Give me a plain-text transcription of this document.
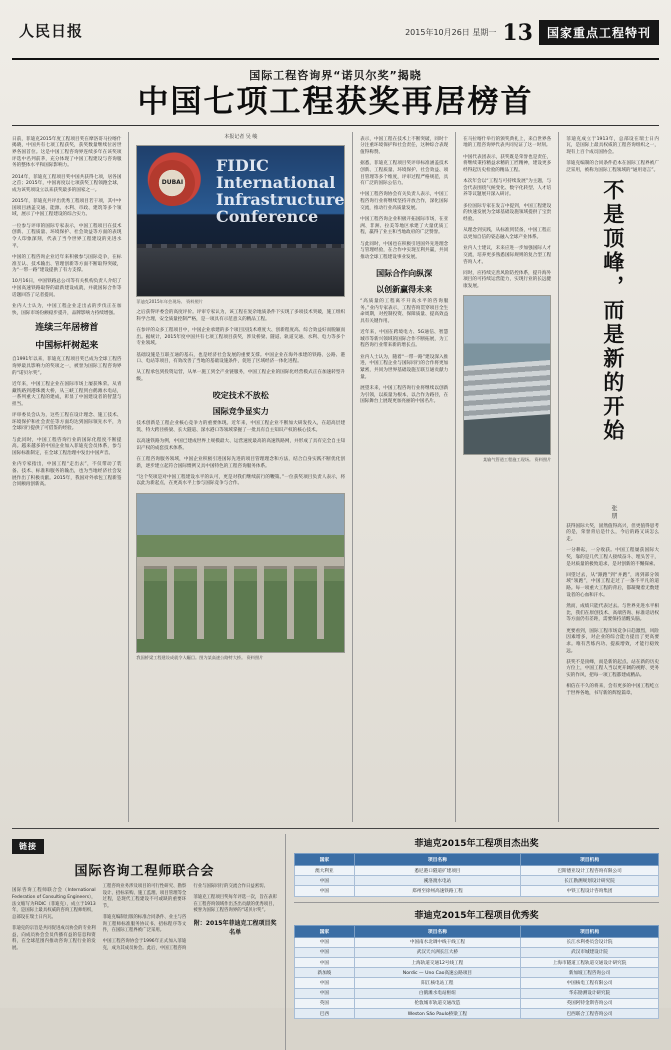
人民日报	2015年10月26日 星期一 13	国家重点工程特刊
国际工程咨询界“诺贝尔奖”揭晓
中国七项工程获奖再居榜首

日前，菲迪克2015年度工程项目奖在摩洛哥马拉喀什揭晓，中国共有七项工程获奖，获奖数量继续位居世界各国首位。这是中国工程咨询界连续多年在该奖项评选中名列前茅，充分体现了中国工程建设与咨询服务的整体水平和国际影响力。

2014年，菲迪克工程项目奖中国共获得七项，居各国之首；2015年，中国再度以七项获奖工程领跑全球，成为该奖项设立以来获奖最多的国家之一。

2015年，菲迪克共评出优秀工程项目若干项，其中中国项目涵盖交通、能源、水利、市政、建筑等多个领域，展示了中国工程建设的综合实力。

一位参与评审的国际专家表示，中国工程项目在技术创新、工程质量、环境保护、社会效益等方面的表现令人印象深刻，代表了当今世界工程建设的先进水平。

中国的工程咨询企业近年来积极参与国际竞争，在标准互认、技术输出、管理创新等方面不断取得突破，为“一带一路”建设提供了有力支撑。

10月16日，中国铁路总公司等有关机构负责人介绍了中国高速铁路取得的最新建设成就，并就国际合作等话题回答了记者提问。

业内人士认为，中国工程企业走出去的步伐正在加快，国际市场份额稳步提升，品牌影响力持续增强。

连续三年居榜首
中国标杆树起来

自1991年以来，菲迪克工程项目奖已成为全球工程咨询界最具影响力的奖项之一，被誉为国际工程咨询界的“诺贝尔奖”。

近年来，中国工程企业在国际市场上屡获殊荣。从青藏铁路到港珠澳大桥，从三峡工程到白鹤滩水电站，一系列重大工程的建成，彰显了中国建设者的智慧与担当。

评审委员会认为，这些工程在设计理念、施工技术、环境保护和社会责任等方面均达到国际领先水平，为全球同行提供了可借鉴的经验。

与此同时，中国工程咨询行业的国际化程度不断提高。越来越多的中国企业加入菲迪克会员体系，参与国际标准制定，在全球工程治理中发出中国声音。

业内专家指出，中国工程“走出去”，不仅带动了装备、技术、标准和服务的输出，也为当地经济社会发展作出了积极贡献。2015年，我国对外承包工程新签合同额再创新高。

本报记者 吴 峻
DUBAI
FIDIC
International
Infrastructure
Conference
菲迪克2015年年会现场。 资料照片

之后获得评委会的高度评价。评审专家认为，该工程在复杂地质条件下实现了多项技术突破，施工组织科学合理，安全质量控制严格，是一项具有示范意义的精品工程。

在参评的众多工程项目中，中国企业承建的多个项目因技术难度大、创新程度高、综合效益好而脱颖而出。据统计，2015年度中国共有七项工程项目获奖，涉及桥梁、隧道、轨道交通、水利、电力等多个专业领域。

基础设施是互联互通的基石，也是经济社会发展的重要支撑。中国企业在海外承建的铁路、公路、港口、电站等项目，有效改善了当地的基础设施条件，促进了区域经济一体化进程。

从工程承包到投资运营，从单一施工到全产业链服务，中国工程企业的国际化经营模式正在加速转型升级。

咬定技术不放松
国际竞争显实力

技术创新是工程企业核心竞争力的重要体现。近年来，中国工程企业不断加大研发投入，在超高层建筑、特大跨径桥梁、长大隧道、深水港口等领域掌握了一批具有自主知识产权的核心技术。

以高速铁路为例，中国已建成世界上规模最大、运营速度最高的高速铁路网，并形成了具有完全自主知识产权的成套技术体系。

在工程咨询服务领域，中国企业积极引进国际先进的项目管理理念和方法，结合自身实践不断优化创新，逐步建立起符合国际惯例又具中国特色的工程咨询服务体系。

“这个奖项是对中国工程建设水平的认可，更是对我们继续前行的鞭策。”一位获奖项目负责人表示，将以此为新起点，在更高水平上参与国际竞争与合作。

我国桥梁工程建设成就令人瞩目。图为某高速公路特大桥。 资料照片

表示，中国工程在技术上不断突破，同时十分注重环境保护和社会责任，这种综合表现值得称赞。

据悉，菲迪克工程项目奖评审标准涵盖技术创新、工程质量、环境保护、社会效益、项目管理等多个维度，评审过程严格规范，具有广泛的国际公信力。

中国工程咨询协会有关负责人表示，中国工程咨询行业将继续坚持开放合作，深化国际交流，推动行业高质量发展。

中国工程咨询企业积极开拓国际市场，在亚洲、非洲、拉美等地区承建了大量优质工程，赢得了业主和当地政府的广泛赞誉。

与此同时，中国也在积极引进国外先进理念与管理经验，在合作中实现互利共赢，共同推动全球工程建设事业发展。

国际合作向纵深
以创新赢得未来

“高质量的工程离不开高水平的咨询服务。”业内专家表示，工程咨询贯穿项目全生命周期，对控制投资、保障质量、提高效益具有关键作用。

近年来，中国在跨境电力、5G通信、智慧城市等新兴领域的国际合作不断拓展，为工程咨询行业带来新的增长点。

业内人士认为，随着“一带一路”建设深入推进，中国工程企业与国际同行的合作将更加紧密，共同为世界基础设施互联互通贡献力量。

展望未来，中国工程咨询行业将继续以创新为引领，以质量为根本，以合作为路径，在国际舞台上展现更加亮丽的中国名片。

在马拉喀什举行的颁奖典礼上，来自世界各地的工程咨询界代表共同见证了这一时刻。

中国代表团表示，获奖既是荣誉也是责任，将继续秉持精益求精的工匠精神，建设更多经得起历史检验的精品工程。

本次年会以“工程与可持续发展”为主题，与会代表围绕气候变化、数字化转型、人才培养等议题展开深入研讨。

多位国际专家在发言中提到，中国工程建设的快速发展为全球基础设施领域提供了宝贵经验。

从理念到实践，从标准到装备，中国工程正以更加自信的姿态融入全球产业体系。

业内人士建议，未来应进一步加强国际人才交流，培养更多熟悉国际规则的复合型工程咨询人才。

同时，应持续完善风险防控体系，提升海外项目的可持续运营能力，实现行业的长远健康发展。

某输气管道工程施工现场。 资料照片

菲迪克成立于1913年，总部设在瑞士日内瓦，是国际上最具权威的工程咨询组织之一，现有上百个成员国协会。

菲迪克编制的合同条件范本在国际工程界被广泛采用，被称为国际工程领域的“通用语言”。

不是顶峰，而是新的开始
张 朋

获得国际大奖，固然值得高兴，但更值得思考的是，荣誉背后是什么，今后的路又该怎么走。

一分耕耘，一分收获。中国工程屡获国际大奖，靠的是几代工程人接续奋斗、埋头苦干，是对质量的极致追求，是对创新的不懈探索。

回望过去，从“跟跑”到“并跑”，再到部分领域“领跑”，中国工程走过了一条不平凡的道路。每一项重大工程的背后，都凝聚着无数建设者的心血和汗水。

然而，成绩只能代表过去。与世界先进水平相比，我们在原创技术、高端咨询、标准话语权等方面仍有差距，需要保持清醒头脑。

更要看到，国际工程市场竞争日趋激烈，风险因素增多，对企业的综合能力提出了更高要求。唯有苦练内功、提质增效，才能行稳致远。

获奖不是顶峰，而是新的起点。站在新的历史方位上，中国工程人当以更开阔的视野、更务实的作风，把每一项工程都建成精品。

相信在不久的将来，会有更多的中国工程屹立于世界各地，书写新的辉煌篇章。

链接
国际咨询工程师联合会

国际咨询工程师联合会（International Federation of Consulting Engineers），法文缩写为FIDIC（菲迪克），成立于1913年，是国际上最具权威的咨询工程师组织，总部设在瑞士日内瓦。

菲迪克的宗旨是共同促进成员协会的专业利益，向成员协会会员传播有益的信息和资料，在全球范围内推动咨询工程行业的发展。

工程咨询业务涉及项目的可行性研究、勘察设计、招标采购、施工监理、项目管理等全过程，是现代工程建设不可或缺的重要环节。

菲迪克编制出版的标准合同条件、业主与咨询工程师标准服务协议书、招标程序等文件，在国际工程界被广泛采用。

中国工程咨询协会于1996年正式加入菲迪克，成为其成员协会。此后，中国工程咨询行业与国际同行的交流合作日益密切。

菲迪克工程项目奖每年评选一次，旨在表彰在工程咨询领域作出杰出贡献的优秀项目，被誉为国际工程咨询界的“诺贝尔奖”。

附：2015年菲迪克工程项目奖名单
菲迪克2015年工程项目杰出奖
国家	项目名称	项目机构
澳大利亚	悉尼港口隧道扩建项目	巴斯德亚设计工程咨询有限公司
中国	溪洛渡水电站	长江勘测规划设计研究院
中国	郑州至徐州高速铁路工程	中铁工程设计咨询集团
菲迪克2015年工程项目优秀奖
国家	项目名称	项目机构
中国	中国南水北调中线干线工程	长江水利委员会设计院
中国	武汉天兴洲长江大桥	武汉市城建设计院
中国	上海轨道交通12号线工程	上海市隧道工程轨道交通设计研究院
新加坡	Nordic — Uno Cao高速公路项目	新加坡工程咨询公司
中国	阳江核电站工程	中国核电工程有限公司
中国	白鹤滩水电站枢纽	华东勘测设计研究院
英国	伦敦城市轨道交通改造	英国阿特金斯咨询公司
巴西	Weston São Paulo桥梁工程	巴西联合工程咨询公司
